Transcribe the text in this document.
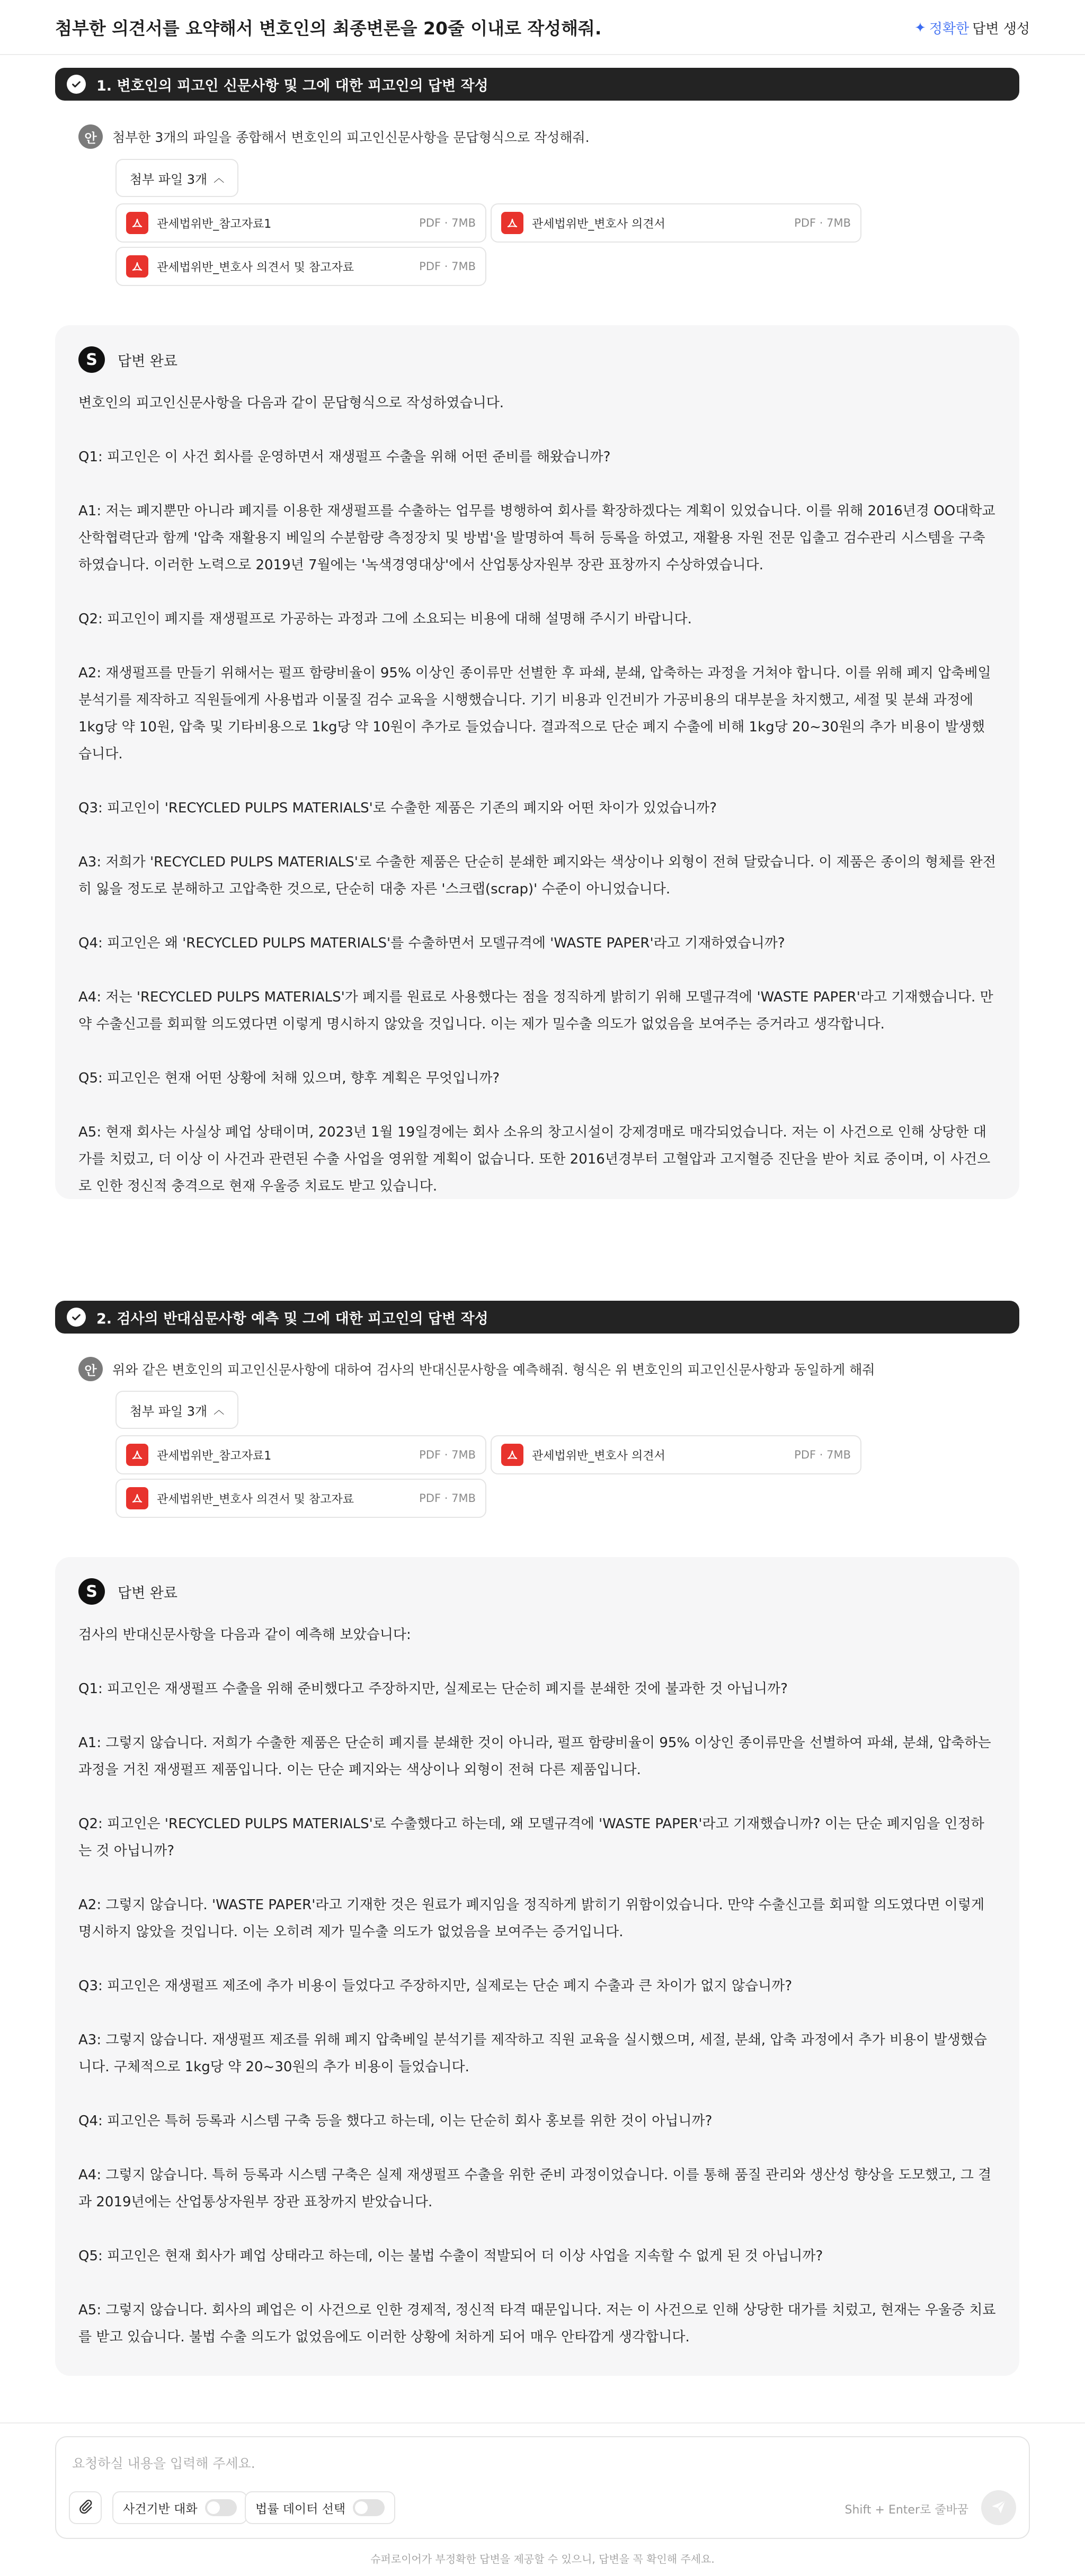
첨부한 의견서를 요약해서 변호인의 최종변론을 20줄 이내로 작성해줘.	✦ 정확한 답변 생성
1. 변호인의 피고인 신문사항 및 그에 대한 피고인의 답변 작성
안	첨부한 3개의 파일을 종합해서 변호인의 피고인신문사항을 문답형식으로 작성해줘.
첨부 파일 3개 ︿
관세법위반_참고자료1	PDF · 7MB	관세법위반_변호사 의견서	PDF · 7MB
관세법위반_변호사 의견서 및 참고자료	PDF · 7MB
S	답변 완료

변호인의 피고인신문사항을 다음과 같이 문답형식으로 작성하였습니다.

Q1: 피고인은 이 사건 회사를 운영하면서 재생펄프 수출을 위해 어떤 준비를 해왔습니까?

A1: 저는 폐지뿐만 아니라 폐지를 이용한 재생펄프를 수출하는 업무를 병행하여 회사를 확장하겠다는 계획이 있었습니다. 이를 위해 2016년경 OO대학교 산학협력단과 함께 '압축 재활용지 베일의 수분함량 측정장치 및 방법'을 발명하여 특허 등록을 하였고, 재활용 자원 전문 입출고 검수관리 시스템을 구축하였습니다. 이러한 노력으로 2019년 7월에는 '녹색경영대상'에서 산업통상자원부 장관 표창까지 수상하였습니다.

Q2: 피고인이 폐지를 재생펄프로 가공하는 과정과 그에 소요되는 비용에 대해 설명해 주시기 바랍니다.

A2: 재생펄프를 만들기 위해서는 펄프 함량비율이 95% 이상인 종이류만 선별한 후 파쇄, 분쇄, 압축하는 과정을 거쳐야 합니다. 이를 위해 폐지 압축베일 분석기를 제작하고 직원들에게 사용법과 이물질 검수 교육을 시행했습니다. 기기 비용과 인건비가 가공비용의 대부분을 차지했고, 세절 및 분쇄 과정에 1kg당 약 10원, 압축 및 기타비용으로 1kg당 약 10원이 추가로 들었습니다. 결과적으로 단순 폐지 수출에 비해 1kg당 20~30원의 추가 비용이 발생했습니다.

Q3: 피고인이 'RECYCLED PULPS MATERIALS'로 수출한 제품은 기존의 폐지와 어떤 차이가 있었습니까?

A3: 저희가 'RECYCLED PULPS MATERIALS'로 수출한 제품은 단순히 분쇄한 폐지와는 색상이나 외형이 전혀 달랐습니다. 이 제품은 종이의 형체를 완전히 잃을 정도로 분해하고 고압축한 것으로, 단순히 대충 자른 '스크랩(scrap)' 수준이 아니었습니다.

Q4: 피고인은 왜 'RECYCLED PULPS MATERIALS'를 수출하면서 모델규격에 'WASTE PAPER'라고 기재하였습니까?

A4: 저는 'RECYCLED PULPS MATERIALS'가 폐지를 원료로 사용했다는 점을 정직하게 밝히기 위해 모델규격에 'WASTE PAPER'라고 기재했습니다. 만약 수출신고를 회피할 의도였다면 이렇게 명시하지 않았을 것입니다. 이는 제가 밀수출 의도가 없었음을 보여주는 증거라고 생각합니다.

Q5: 피고인은 현재 어떤 상황에 처해 있으며, 향후 계획은 무엇입니까?

A5: 현재 회사는 사실상 폐업 상태이며, 2023년 1월 19일경에는 회사 소유의 창고시설이 강제경매로 매각되었습니다. 저는 이 사건으로 인해 상당한 대가를 치렀고, 더 이상 이 사건과 관련된 수출 사업을 영위할 계획이 없습니다. 또한 2016년경부터 고혈압과 고지혈증 진단을 받아 치료 중이며, 이 사건으로 인한 정신적 충격으로 현재 우울증 치료도 받고 있습니다.

2. 검사의 반대심문사항 예측 및 그에 대한 피고인의 답변 작성
안	위와 같은 변호인의 피고인신문사항에 대하여 검사의 반대신문사항을 예측해줘. 형식은 위 변호인의 피고인신문사항과 동일하게 해줘
첨부 파일 3개 ︿
관세법위반_참고자료1	PDF · 7MB	관세법위반_변호사 의견서	PDF · 7MB
관세법위반_변호사 의견서 및 참고자료	PDF · 7MB
S	답변 완료

검사의 반대신문사항을 다음과 같이 예측해 보았습니다:

Q1: 피고인은 재생펄프 수출을 위해 준비했다고 주장하지만, 실제로는 단순히 폐지를 분쇄한 것에 불과한 것 아닙니까?

A1: 그렇지 않습니다. 저희가 수출한 제품은 단순히 폐지를 분쇄한 것이 아니라, 펄프 함량비율이 95% 이상인 종이류만을 선별하여 파쇄, 분쇄, 압축하는 과정을 거친 재생펄프 제품입니다. 이는 단순 폐지와는 색상이나 외형이 전혀 다른 제품입니다.

Q2: 피고인은 'RECYCLED PULPS MATERIALS'로 수출했다고 하는데, 왜 모델규격에 'WASTE PAPER'라고 기재했습니까? 이는 단순 폐지임을 인정하는 것 아닙니까?

A2: 그렇지 않습니다. 'WASTE PAPER'라고 기재한 것은 원료가 폐지임을 정직하게 밝히기 위함이었습니다. 만약 수출신고를 회피할 의도였다면 이렇게 명시하지 않았을 것입니다. 이는 오히려 제가 밀수출 의도가 없었음을 보여주는 증거입니다.

Q3: 피고인은 재생펄프 제조에 추가 비용이 들었다고 주장하지만, 실제로는 단순 폐지 수출과 큰 차이가 없지 않습니까?

A3: 그렇지 않습니다. 재생펄프 제조를 위해 폐지 압축베일 분석기를 제작하고 직원 교육을 실시했으며, 세절, 분쇄, 압축 과정에서 추가 비용이 발생했습니다. 구체적으로 1kg당 약 20~30원의 추가 비용이 들었습니다.

Q4: 피고인은 특허 등록과 시스템 구축 등을 했다고 하는데, 이는 단순히 회사 홍보를 위한 것이 아닙니까?

A4: 그렇지 않습니다. 특허 등록과 시스템 구축은 실제 재생펄프 수출을 위한 준비 과정이었습니다. 이를 통해 품질 관리와 생산성 향상을 도모했고, 그 결과 2019년에는 산업통상자원부 장관 표창까지 받았습니다.

Q5: 피고인은 현재 회사가 폐업 상태라고 하는데, 이는 불법 수출이 적발되어 더 이상 사업을 지속할 수 없게 된 것 아닙니까?

A5: 그렇지 않습니다. 회사의 폐업은 이 사건으로 인한 경제적, 정신적 타격 때문입니다. 저는 이 사건으로 인해 상당한 대가를 치렀고, 현재는 우울증 치료를 받고 있습니다. 불법 수출 의도가 없었음에도 이러한 상황에 처하게 되어 매우 안타깝게 생각합니다.

요청하실 내용을 입력해 주세요.
사건기반 대화	법률 데이터 선택	Shift + Enter로 줄바꿈
슈퍼로이어가 부정확한 답변을 제공할 수 있으니, 답변을 꼭 확인해 주세요.
